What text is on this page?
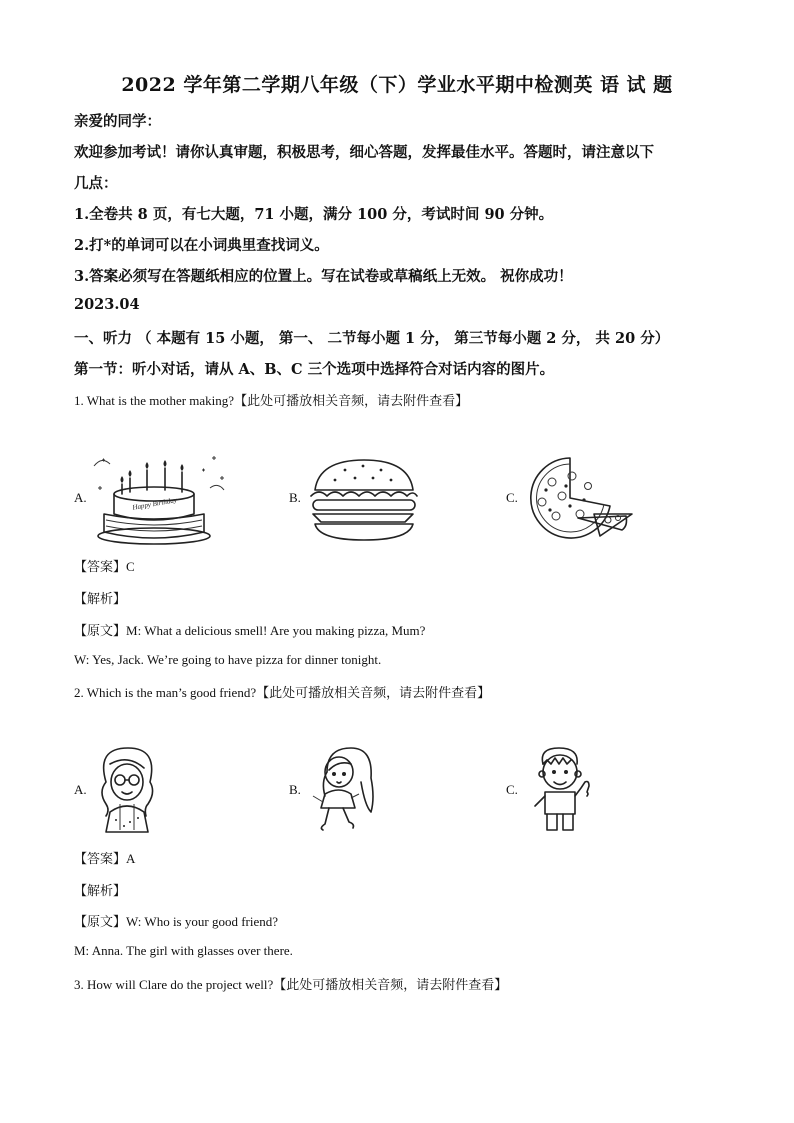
2022 学年第二学期八年级（下）学业水平期中检测英 语 试 题
亲爱的同学：
欢迎参加考试！请你认真审题，积极思考，细心答题，发挥最佳水平。答题时，请注意以下
几点：
1.全卷共 8 页，有七大题，71 小题，满分 100 分，考试时间 90 分钟。
2.打*的单词可以在小词典里查找词义。
3.答案必须写在答题纸相应的位置上。写在试卷或草稿纸上无效。 祝你成功！
2023.04
一、听力 （ 本题有 15 小题， 第一、 二节每小题 1 分， 第三节每小题 2 分， 共 20 分）
第一节：听小对话，请从 A、B、C 三个选项中选择符合对话内容的图片。
1. What is the mother making?【此处可播放相关音频，请去附件查看】
A.	B.	C.
Happy Birthday
【答案】C
【解析】
【原文】M: What a delicious smell! Are you making pizza, Mum?
W: Yes, Jack. We’re going to have pizza for dinner tonight.
2. Which is the man’s good friend?【此处可播放相关音频，请去附件查看】
A.	B.	C.
【答案】A
【解析】
【原文】W: Who is your good friend?
M: Anna. The girl with glasses over there.
3. How will Clare do the project well?【此处可播放相关音频，请去附件查看】
